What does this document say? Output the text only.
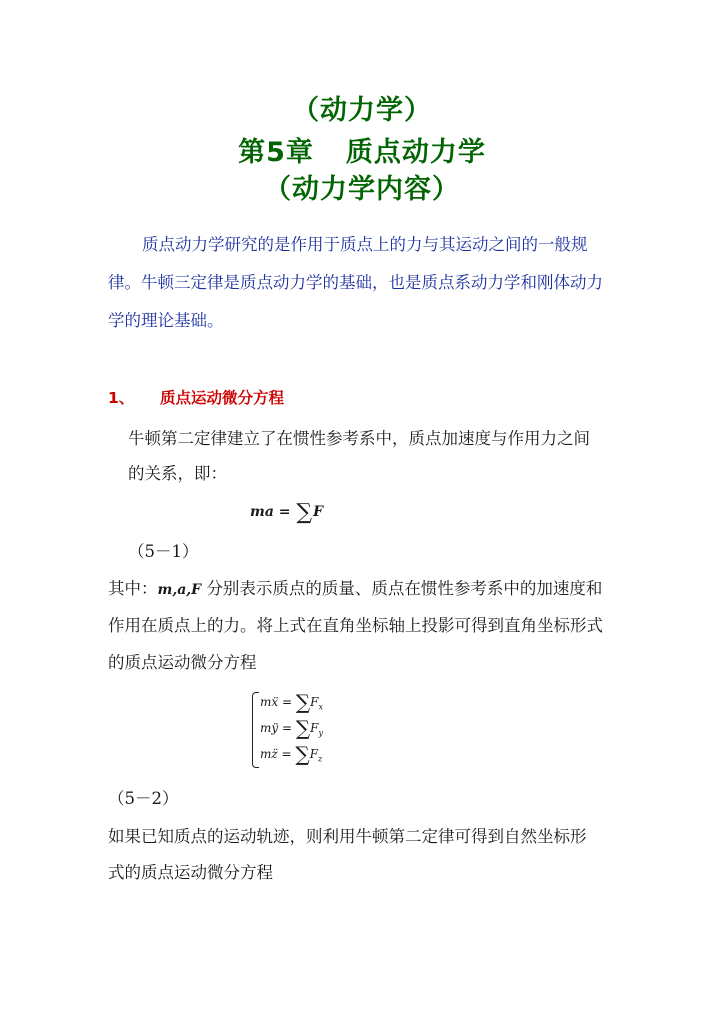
（动力学）
第5章 质点动力学
（动力学内容）
质点动力学研究的是作用于质点上的力与其运动之间的一般规
律。牛顿三定律是质点动力学的基础，也是质点系动力学和刚体动力
学的理论基础。
1、 质点运动微分方程
牛顿第二定律建立了在惯性参考系中，质点加速度与作用力之间
的关系，即：
ma = ∑F
（5－1）
其中：m,a,F 分别表示质点的质量、质点在惯性参考系中的加速度和
作用在质点上的力。将上式在直角坐标轴上投影可得到直角坐标形式
的质点运动微分方程
mẍ = $\sum F_x$
mÿ = $\sum F_y$
mz̈ = $\sum F_z$
（5－2）
如果已知质点的运动轨迹，则利用牛顿第二定律可得到自然坐标形
式的质点运动微分方程
